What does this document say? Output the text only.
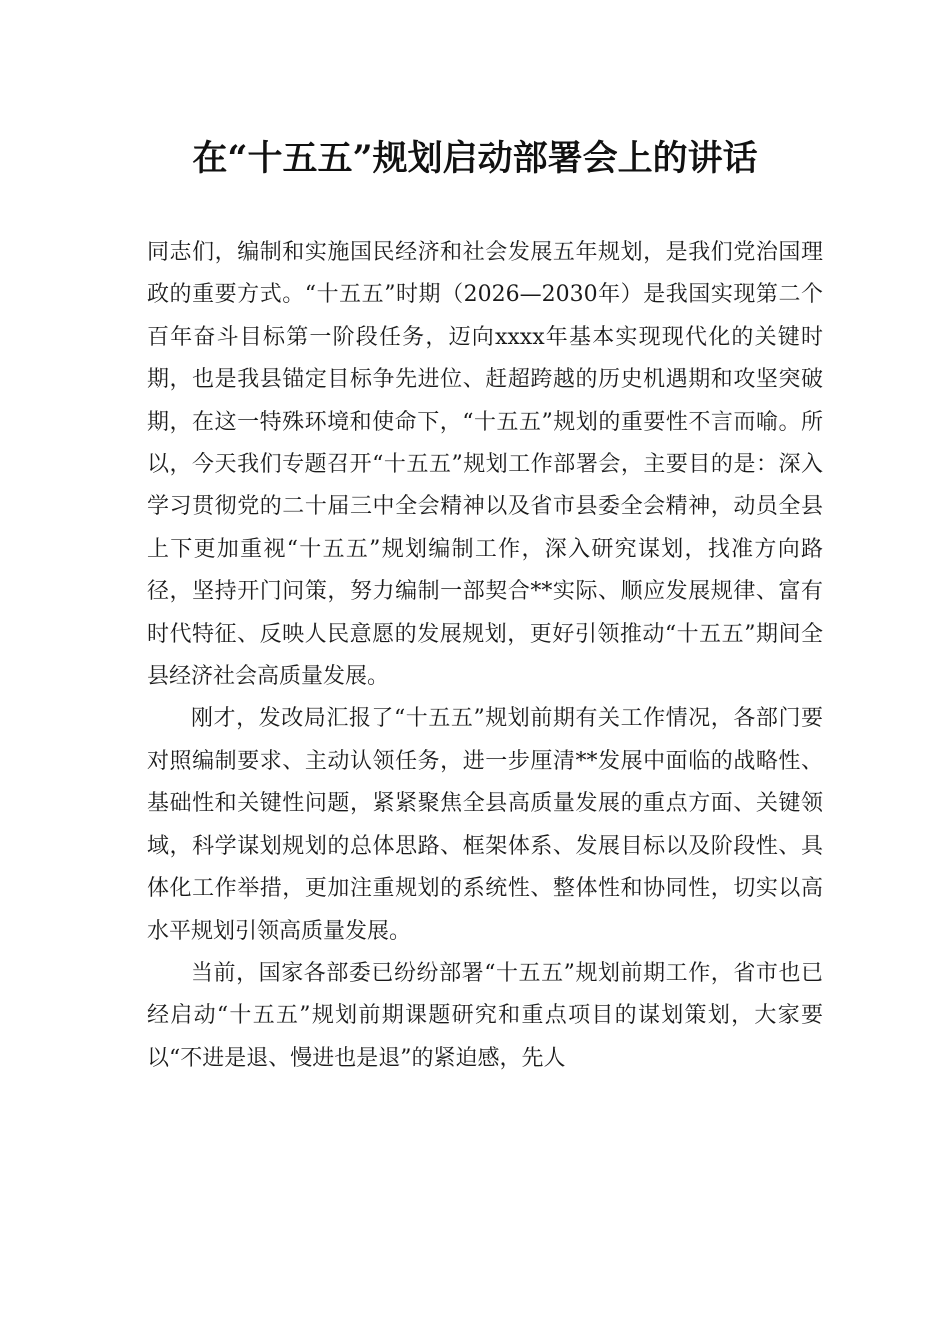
在“十五五”规划启动部署会上的讲话

同志们，编制和实施国民经济和社会发展五年规划，是我们党治国理政的重要方式。“十五五”时期（2026—2030年）是我国实现第二个百年奋斗目标第一阶段任务，迈向xxxx年基本实现现代化的关键时期，也是我县锚定目标争先进位、赶超跨越的历史机遇期和攻坚突破期，在这一特殊环境和使命下，“十五五”规划的重要性不言而喻。所以，今天我们专题召开“十五五”规划工作部署会，主要目的是：深入学习贯彻党的二十届三中全会精神以及省市县委全会精神，动员全县上下更加重视“十五五”规划编制工作，深入研究谋划，找准方向路径，坚持开门问策，努力编制一部契合**实际、顺应发展规律、富有时代特征、反映人民意愿的发展规划，更好引领推动“十五五”期间全县经济社会高质量发展。

刚才，发改局汇报了“十五五”规划前期有关工作情况，各部门要对照编制要求、主动认领任务，进一步厘清**发展中面临的战略性、基础性和关键性问题，紧紧聚焦全县高质量发展的重点方面、关键领域，科学谋划规划的总体思路、框架体系、发展目标以及阶段性、具体化工作举措，更加注重规划的系统性、整体性和协同性，切实以高水平规划引领高质量发展。

当前，国家各部委已纷纷部署“十五五”规划前期工作，省市也已经启动“十五五”规划前期课题研究和重点项目的谋划策划，大家要以“不进是退、慢进也是退”的紧迫感，先人
